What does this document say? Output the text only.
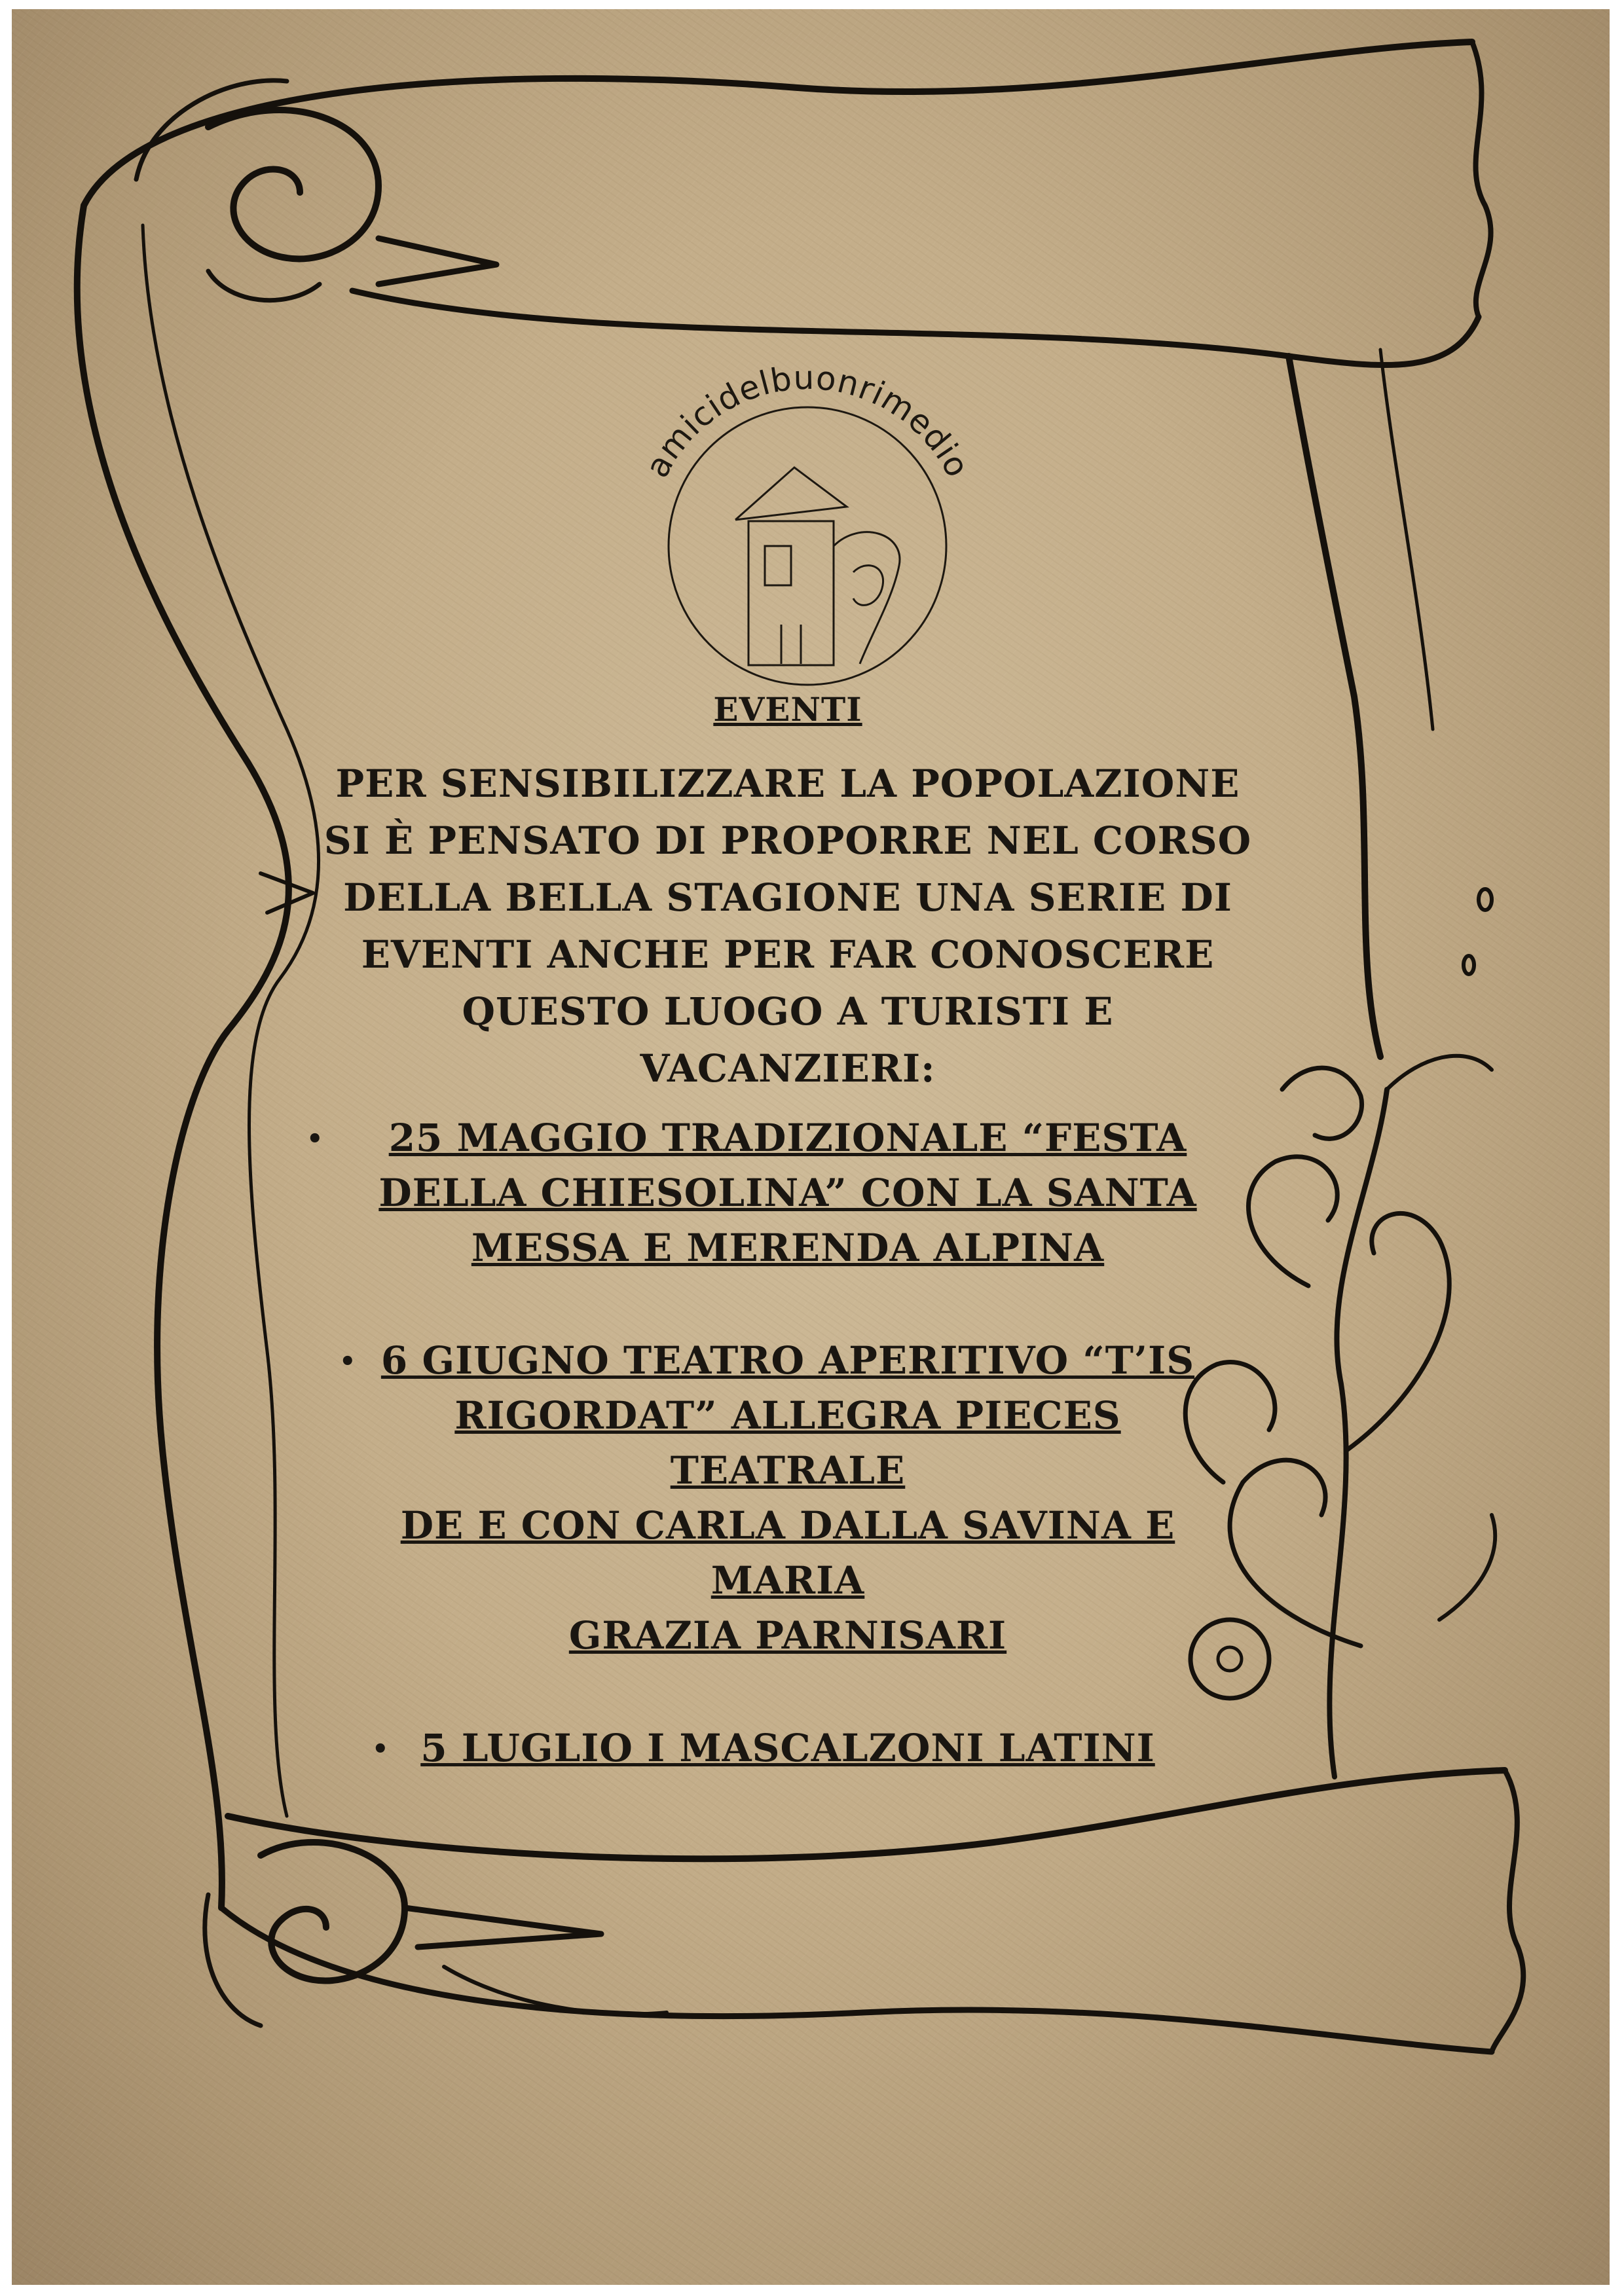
amicidelbuonrimedio
EVENTI

PER SENSIBILIZZARE LA POPOLAZIONE
SI È PENSATO DI PROPORRE NEL CORSO
DELLA BELLA STAGIONE UNA SERIE DI
EVENTI ANCHE PER FAR CONOSCERE
QUESTO LUOGO A TURISTI E VACANZIERI:

• 25 MAGGIO TRADIZIONALE “FESTA
DELLA CHIESOLINA” CON LA SANTA
MESSA E MERENDA ALPINA
• 6 GIUGNO TEATRO APERITIVO “T’IS
RIGORDAT” ALLEGRA PIECES TEATRALE
DE E CON CARLA DALLA SAVINA E MARIA
GRAZIA PARNISARI
• 5 LUGLIO I MASCALZONI LATINI
